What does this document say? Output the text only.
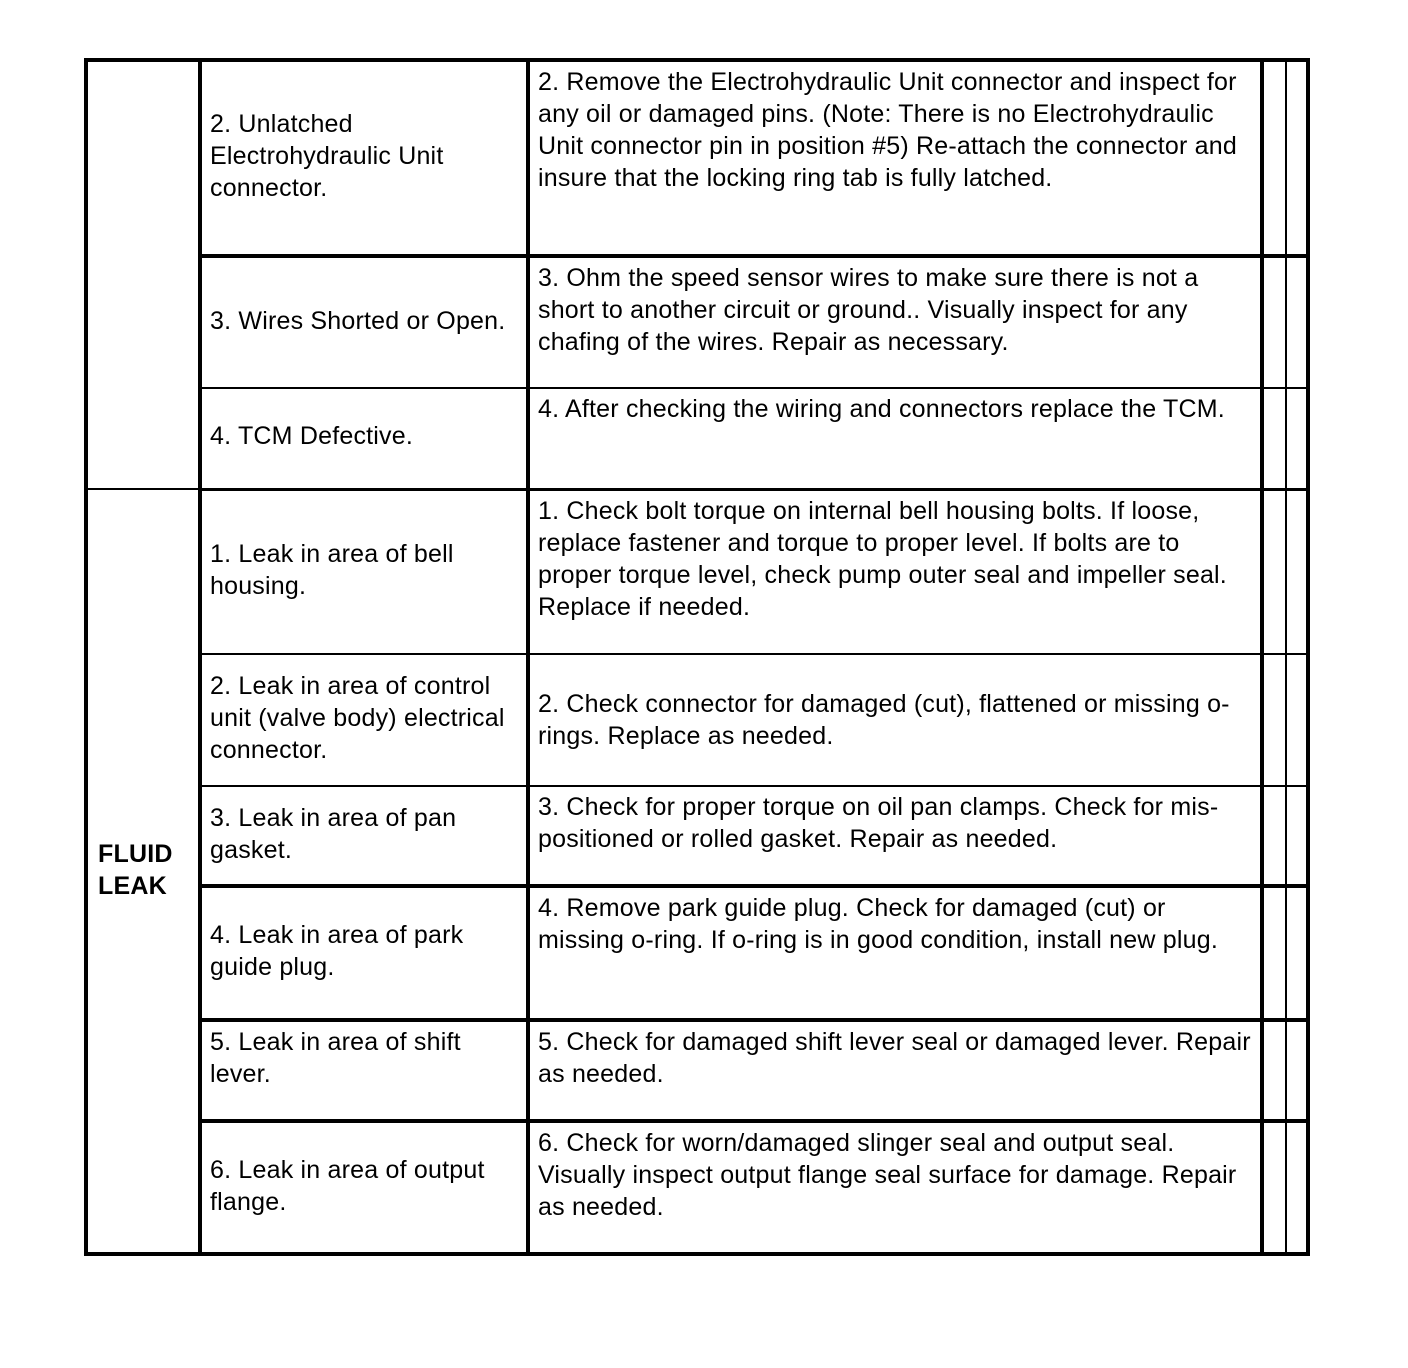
	2. Unlatched Electrohydraulic Unit connector.	2. Remove the Electrohydraulic Unit connector and inspect for any oil or damaged pins. (Note: There is no Electrohydraulic Unit connector pin in position #5) Re-attach the connector and insure that the locking ring tab is fully latched.		
	3. Wires Shorted or Open.	3. Ohm the speed sensor wires to make sure there is not a short to another circuit or ground.. Visually inspect for any chafing of the wires. Repair as necessary.		
	4. TCM Defective.	4. After checking the wiring and connectors replace the TCM.		
FLUID LEAK	1. Leak in area of bell housing.	1. Check bolt torque on internal bell housing bolts. If loose, replace fastener and torque to proper level. If bolts are to proper torque level, check pump outer seal and impeller seal. Replace if needed.		
	2. Leak in area of control unit (valve body) electrical connector.	2. Check connector for damaged (cut), flattened or missing o-rings. Replace as needed.		
	3. Leak in area of pan gasket.	3. Check for proper torque on oil pan clamps. Check for mis-positioned or rolled gasket. Repair as needed.		
	4. Leak in area of park guide plug.	4. Remove park guide plug. Check for damaged (cut) or missing o-ring. If o-ring is in good condition, install new plug.		
	5. Leak in area of shift lever.	5. Check for damaged shift lever seal or damaged lever. Repair as needed.		
	6. Leak in area of output flange.	6. Check for worn/damaged slinger seal and output seal. Visually inspect output flange seal surface for damage. Repair as needed.		
